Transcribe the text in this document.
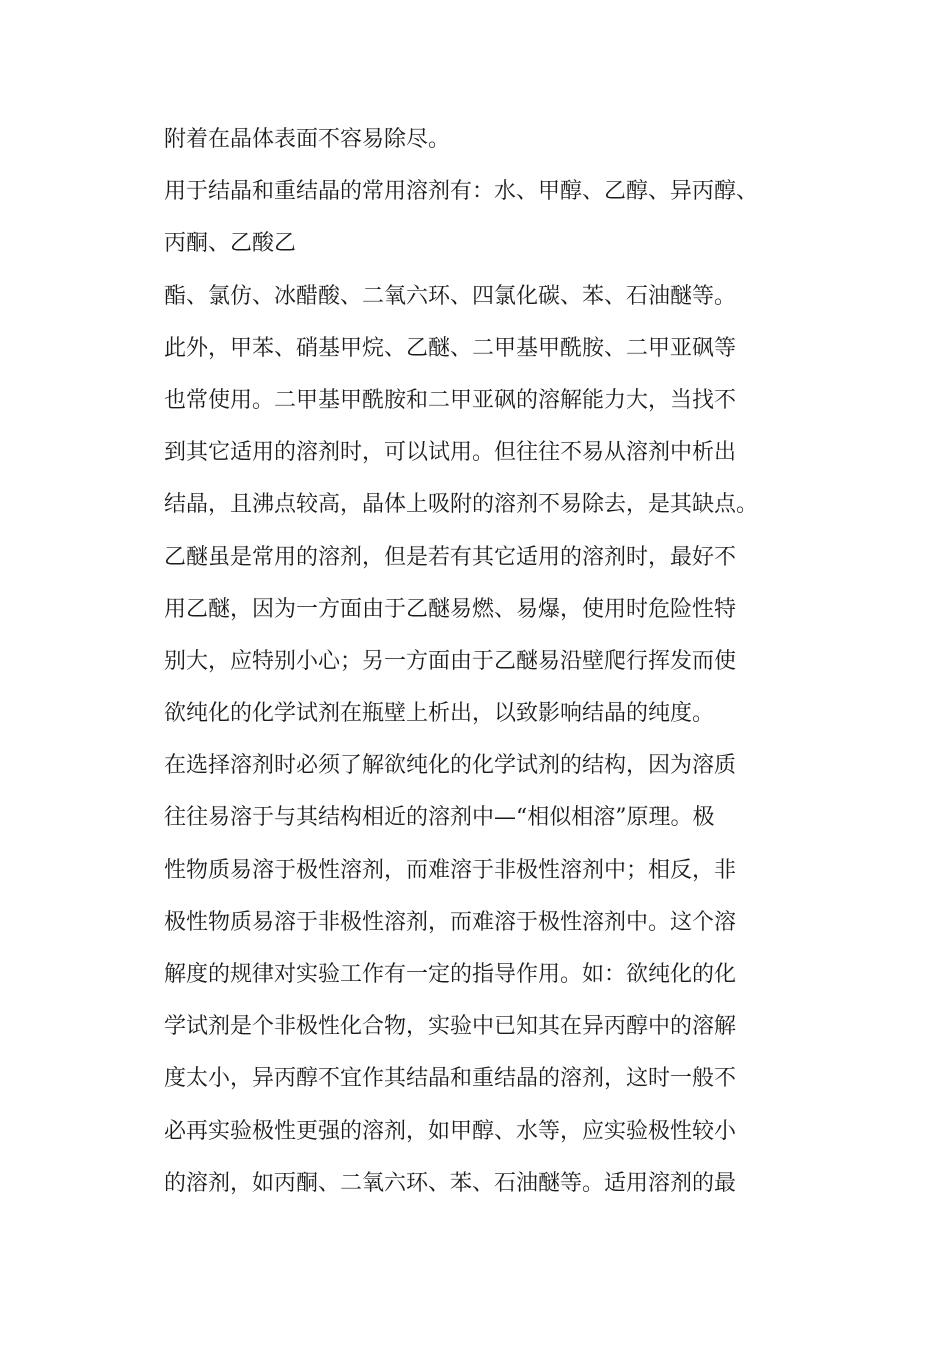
附着在晶体表面不容易除尽。
用于结晶和重结晶的常用溶剂有：水、甲醇、乙醇、异丙醇、
丙酮、乙酸乙
酯、氯仿、冰醋酸、二氧六环、四氯化碳、苯、石油醚等。
此外，甲苯、硝基甲烷、乙醚、二甲基甲酰胺、二甲亚砜等
也常使用。二甲基甲酰胺和二甲亚砜的溶解能力大，当找不
到其它适用的溶剂时，可以试用。但往往不易从溶剂中析出
结晶，且沸点较高，晶体上吸附的溶剂不易除去，是其缺点。
乙醚虽是常用的溶剂，但是若有其它适用的溶剂时，最好不
用乙醚，因为一方面由于乙醚易燃、易爆，使用时危险性特
别大，应特别小心；另一方面由于乙醚易沿壁爬行挥发而使
欲纯化的化学试剂在瓶壁上析出，以致影响结晶的纯度。
在选择溶剂时必须了解欲纯化的化学试剂的结构，因为溶质
往往易溶于与其结构相近的溶剂中—“相似相溶”原理。极
性物质易溶于极性溶剂，而难溶于非极性溶剂中；相反，非
极性物质易溶于非极性溶剂，而难溶于极性溶剂中。这个溶
解度的规律对实验工作有一定的指导作用。如：欲纯化的化
学试剂是个非极性化合物，实验中已知其在异丙醇中的溶解
度太小，异丙醇不宜作其结晶和重结晶的溶剂，这时一般不
必再实验极性更强的溶剂，如甲醇、水等，应实验极性较小
的溶剂，如丙酮、二氧六环、苯、石油醚等。适用溶剂的最
